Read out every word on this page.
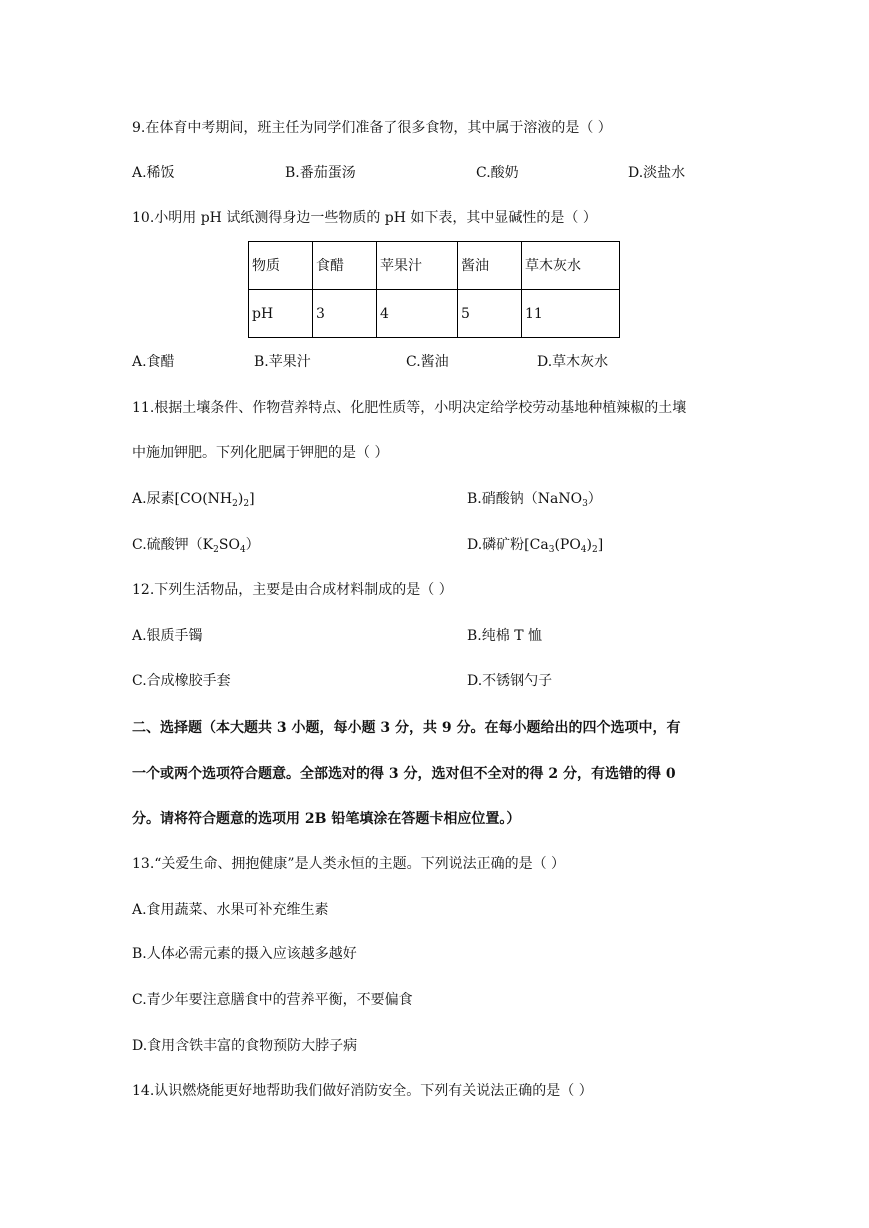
9.在体育中考期间，班主任为同学们准备了很多食物，其中属于溶液的是（ ）
A.稀饭	B.番茄蛋汤	C.酸奶	D.淡盐水
10.小明用 pH 试纸测得身边一些物质的 pH 如下表，其中显碱性的是（ ）
物质	食醋	苹果汁	酱油	草木灰水
pH	3	4	5	11
A.食醋	B.苹果汁	C.酱油	D.草木灰水
11.根据土壤条件、作物营养特点、化肥性质等，小明决定给学校劳动基地种植辣椒的土壤
中施加钾肥。下列化肥属于钾肥的是（ ）
A.尿素$[CO(NH_2)_2]$	B.硝酸钠（NaNO$_3$）
C.硫酸钾$(K_2SO_4)$	D.磷矿粉$[Ca_3(PO_4)_2]$
12.下列生活物品，主要是由合成材料制成的是（ ）
A.银质手镯	B.纯棉 T 恤
C.合成橡胶手套	D.不锈钢勺子
二、选择题（本大题共 3 小题，每小题 3 分，共 9 分。在每小题给出的四个选项中，有
一个或两个选项符合题意。全部选对的得 3 分，选对但不全对的得 2 分，有选错的得 0
分。请将符合题意的选项用 2B 铅笔填涂在答题卡相应位置。）
13.“关爱生命、拥抱健康”是人类永恒的主题。下列说法正确的是（ ）
A.食用蔬菜、水果可补充维生素
B.人体必需元素的摄入应该越多越好
C.青少年要注意膳食中的营养平衡，不要偏食
D.食用含铁丰富的食物预防大脖子病
14.认识燃烧能更好地帮助我们做好消防安全。下列有关说法正确的是（ ）
